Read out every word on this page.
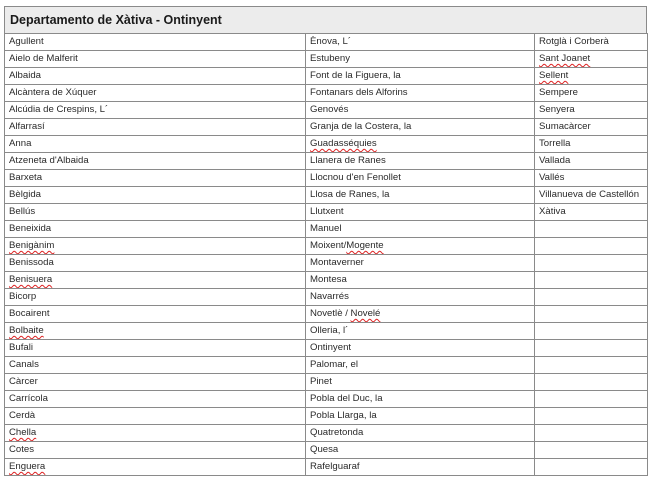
Departamento de Xàtiva - Ontinyent
Agullent	Ènova, L´	Rotglà i Corberà
Aielo de Malferit	Estubeny	Sant Joanet
Albaida	Font de la Figuera, la	Sellent
Alcàntera de Xúquer	Fontanars dels Alforins	Sempere
Alcúdia de Crespins, L´	Genovés	Senyera
Alfarrasí	Granja de la Costera, la	Sumacàrcer
Anna	Guadasséquies	Torrella
Atzeneta d'Albaida	Llanera de Ranes	Vallada
Barxeta	Llocnou d'en Fenollet	Vallés
Bèlgida	Llosa de Ranes, la	Villanueva de Castellón
Bellús	Llutxent	Xàtiva
Beneixida	Manuel	
Benigànim	Moixent/Mogente	
Benissoda	Montaverner	
Benisuera	Montesa	
Bicorp	Navarrés	
Bocairent	Novetlè / Novelé	
Bolbaite	Olleria, l´	
Bufali	Ontinyent	
Canals	Palomar, el	
Càrcer	Pinet	
Carrícola	Pobla del Duc, la	
Cerdà	Pobla Llarga, la	
Chella	Quatretonda	
Cotes	Quesa	
Enguera	Rafelguaraf	
